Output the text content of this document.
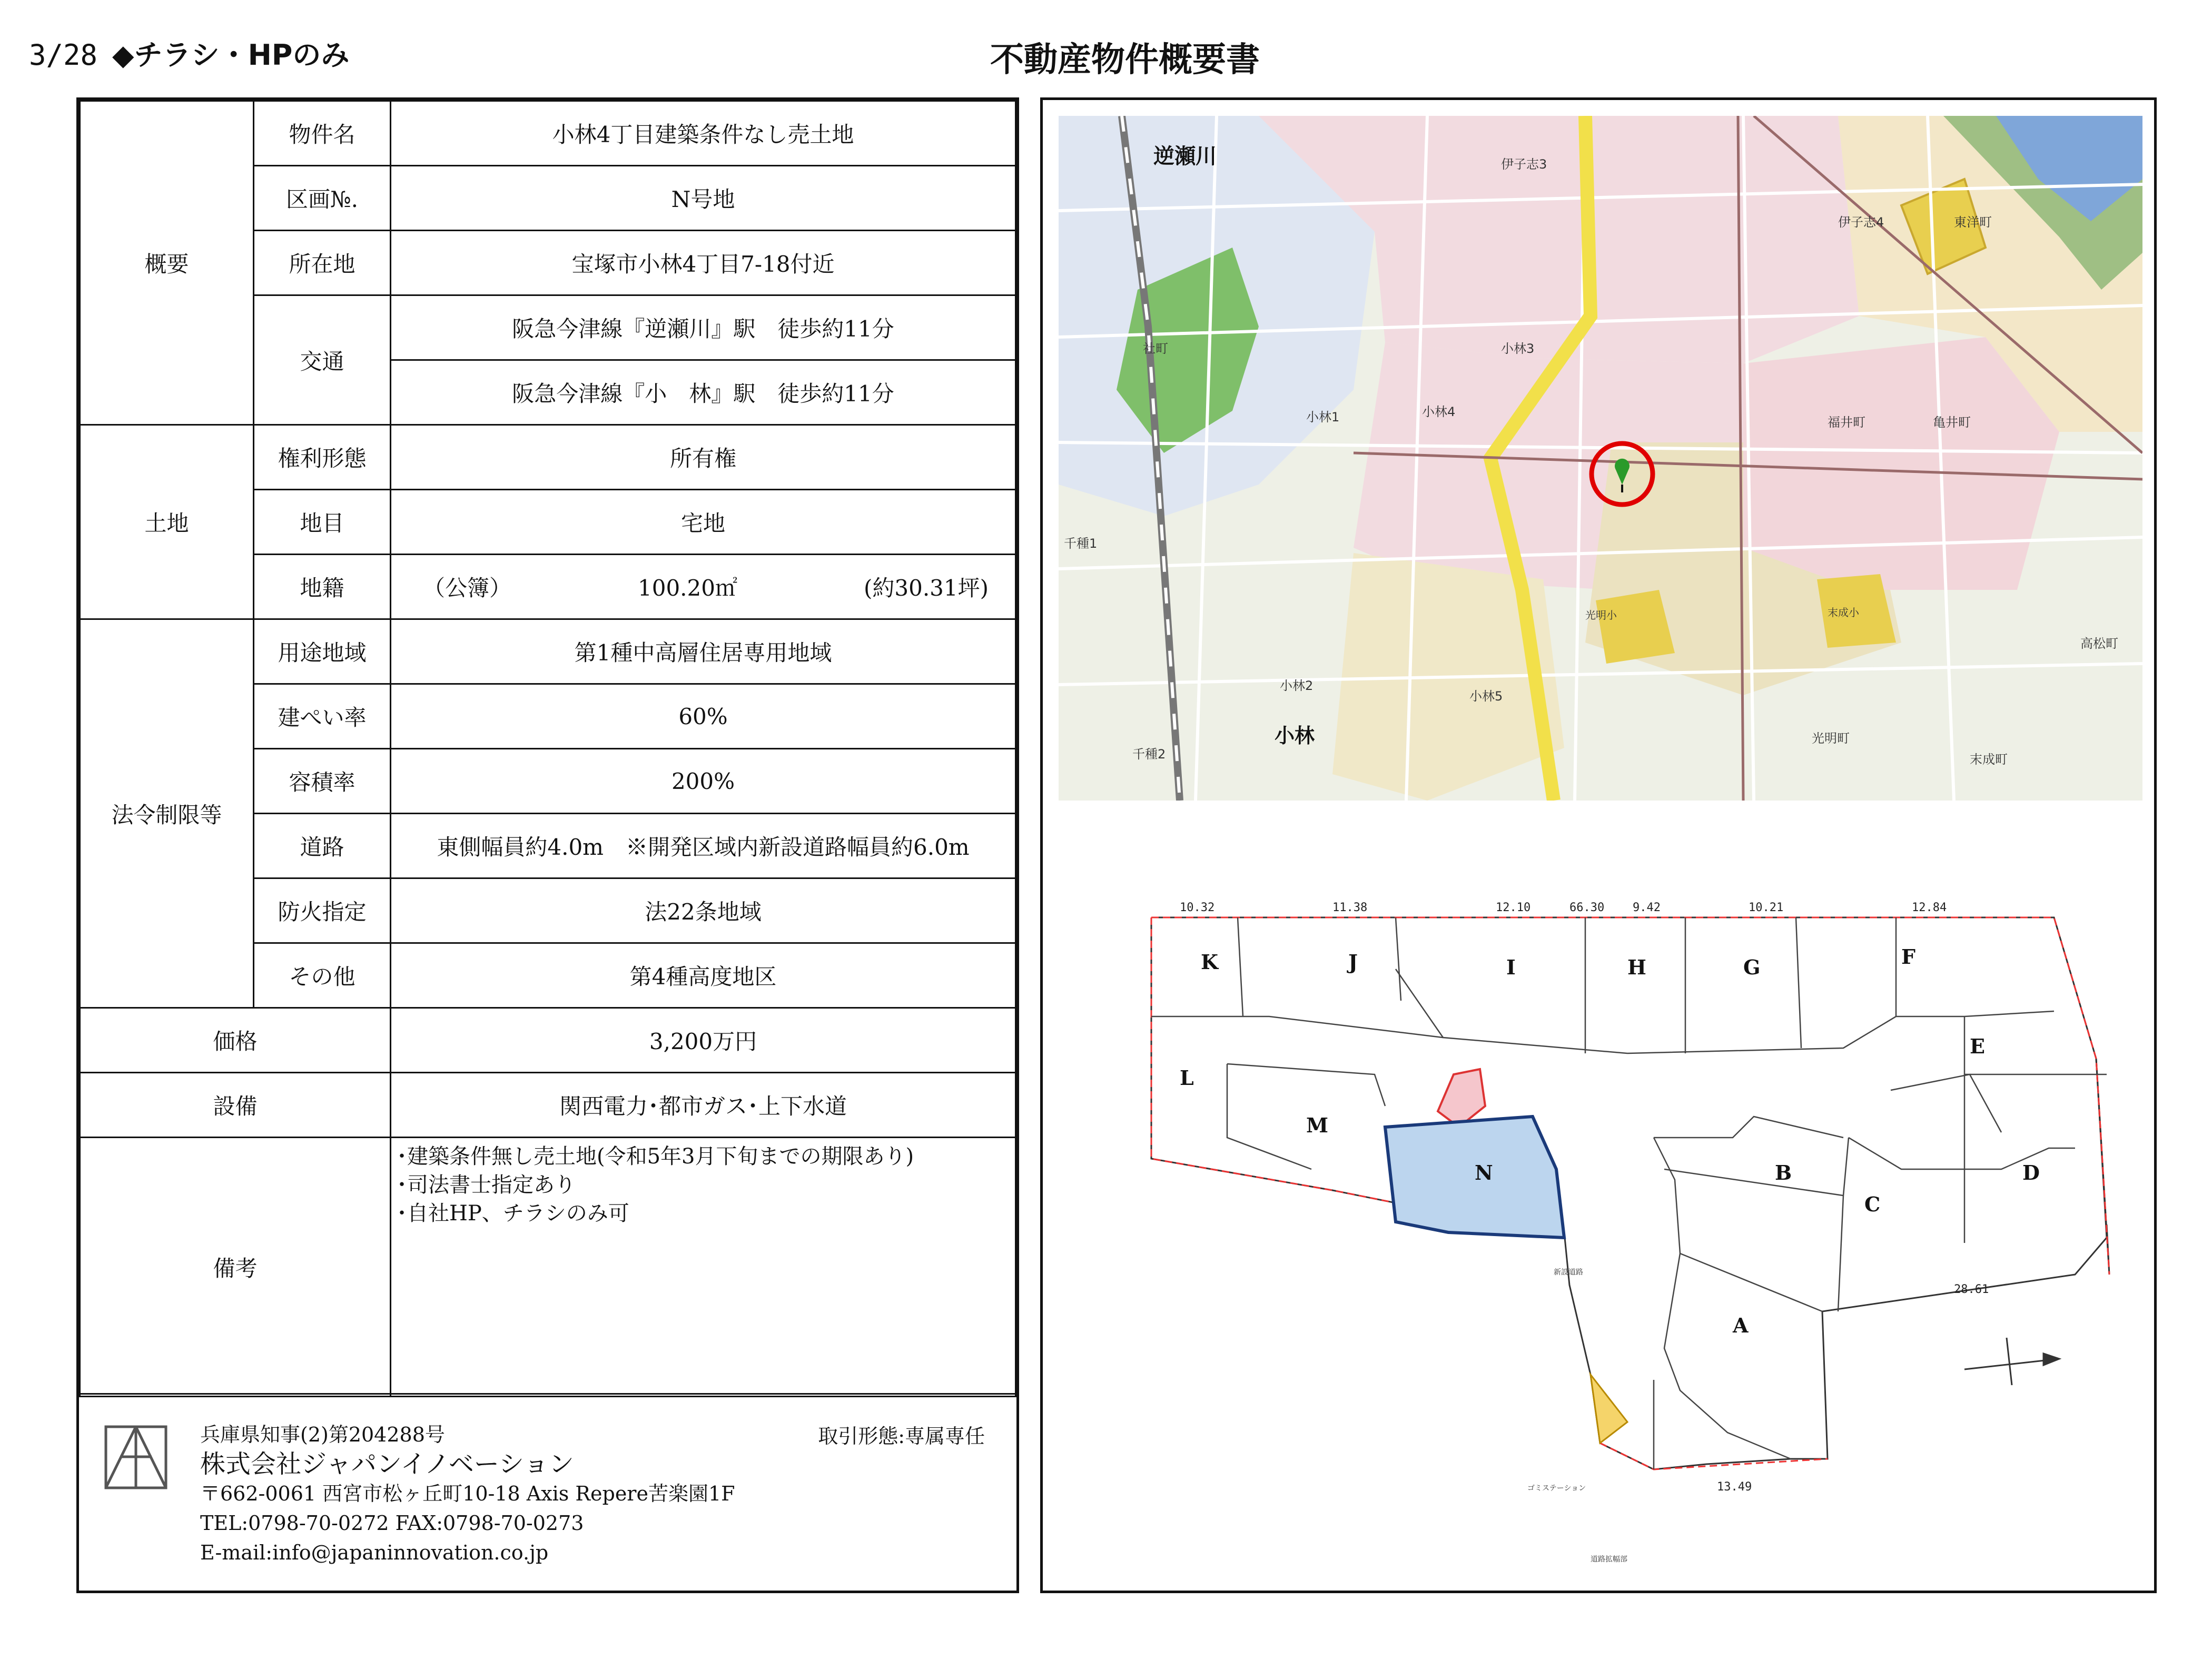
3/28 ◆チラシ・HPのみ	不動産物件概要書
概要	物件名	小林4丁目建築条件なし売土地
	区画№.	N号地
	所在地	宝塚市小林4丁目7-18付近
	交通	阪急今津線『逆瀬川』駅　徒歩約11分
		阪急今津線『小　林』駅　徒歩約11分
土地	権利形態	所有権
	地目	宅地
	地籍	（公簿） 100.20㎡ (約30.31坪)

法令制限等	用途地域	第1種中高層住居専用地域
	建ぺい率	60%
	容積率	200%
	道路	東側幅員約4.0m　※開発区域内新設道路幅員約6.0m
	防火指定	法22条地域
	その他	第4種高度地区
価格		3,200万円
設備		関西電力･都市ガス･上下水道
備考		･建築条件無し売土地(令和5年3月下旬までの期限あり)
･司法書士指定あり
･自社HP、チラシのみ可
兵庫県知事(2)第204288号
株式会社ジャパンイノベーション
〒662-0061 西宮市松ヶ丘町10-18 Axis Repere苦楽園1F
TEL:0798-70-0272 FAX:0798-70-0273
E-mail:info@japaninnovation.co.jp
取引形態:専属専任
逆瀬川
小林
伊子志3
伊子志4	東洋町
小林3
小林4
小林1
社町
福井町	亀井町
小林2
小林5
千種1
千種2
光明町
末成町
高松町
光明小	末成小
K	J	I	H	G	F
E
L
M
N	B
C
D
A
66.30
10.32	11.38	12.10	9.42	10.21	12.84
28.61
13.49
新設道路
ゴミステーション
道路拡幅部
